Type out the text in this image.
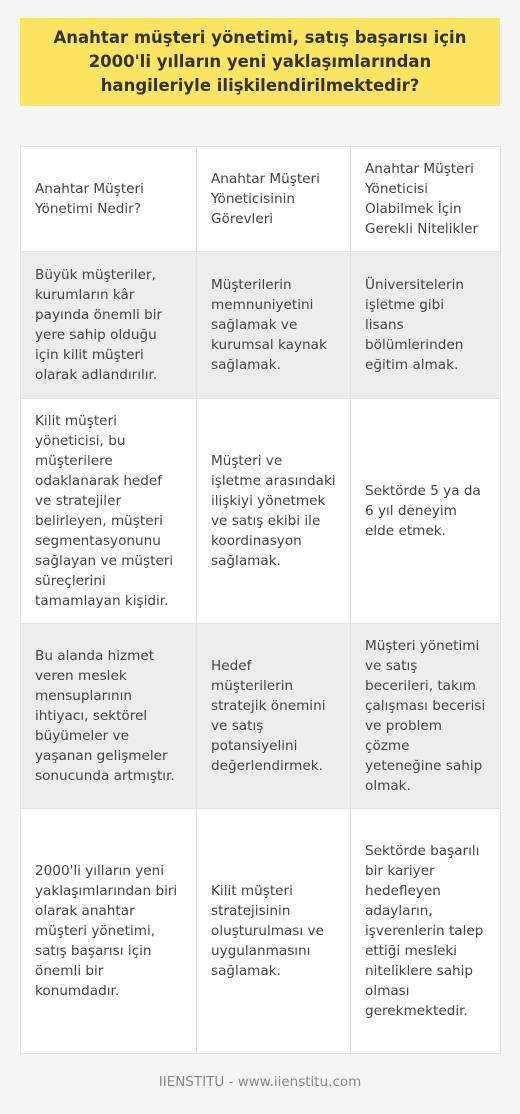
Anahtar müşteri yönetimi, satış başarısı için 2000'li yılların yeni yaklaşımlarından hangileriyle ilişkilendirilmektedir?
Anahtar Müşteri Yönetimi Nedir?	Anahtar Müşteri Yöneticisinin Görevleri	Anahtar Müşteri Yöneticisi Olabilmek İçin Gerekli Nitelikler
Büyük müşteriler, kurumların kâr payında önemli bir yere sahip olduğu için kilit müşteri olarak adlandırılır.	Müşterilerin memnuniyetini sağlamak ve kurumsal kaynak sağlamak.	Üniversitelerin işletme gibi lisans bölümlerinden eğitim almak.
Kilit müşteri yöneticisi, bu müşterilere odaklanarak hedef ve stratejiler belirleyen, müşteri segmentasyonunu sağlayan ve müşteri süreçlerini tamamlayan kişidir.	Müşteri ve işletme arasındaki ilişkiyi yönetmek ve satış ekibi ile koordinasyon sağlamak.	Sektörde 5 ya da 6 yıl deneyim elde etmek.
Bu alanda hizmet veren meslek mensuplarının ihtiyacı, sektörel büyümeler ve yaşanan gelişmeler sonucunda artmıştır.	Hedef müşterilerin stratejik önemini ve satış potansiyelini değerlendirmek.	Müşteri yönetimi ve satış becerileri, takım çalışması becerisi ve problem çözme yeteneğine sahip olmak.
2000'li yılların yeni yaklaşımlarından biri olarak anahtar müşteri yönetimi, satış başarısı için önemli bir konumdadır.	Kilit müşteri stratejisinin oluşturulması ve uygulanmasını sağlamak.	Sektörde başarılı bir kariyer hedefleyen adayların, işverenlerin talep ettiği mesleki niteliklere sahip olması gerekmektedir.
IIENSTITU - www.iienstitu.com
